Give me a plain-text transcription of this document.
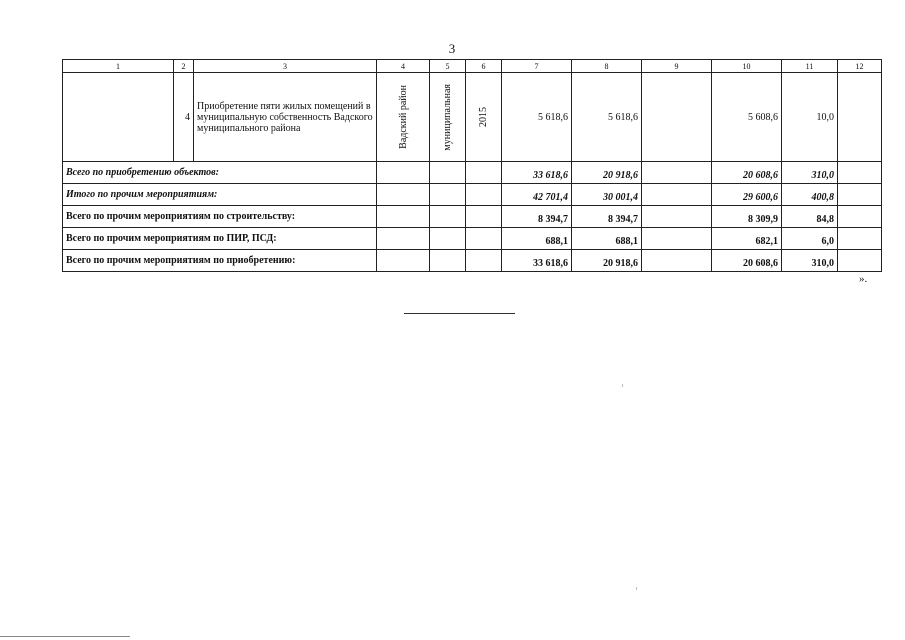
3
1	2	3	4	5	6	7	8	9	10	11	12
	4	Приобретение пяти жилых помещений в муниципальную собственность Вадского муниципального района	Вадский район	муниципальная	2015	5 618,6	5 618,6		5 608,6	10,0	
Всего по приобретению объектов:						33 618,6	20 918,6		20 608,6	310,0	
Итого по прочим мероприятиям:						42 701,4	30 001,4		29 600,6	400,8	
Всего по прочим мероприятиям по строительству:						8 394,7	8 394,7		8 309,9	84,8	
Всего по прочим мероприятиям по ПИР, ПСД:						688,1	688,1		682,1	6,0	
Всего по прочим мероприятиям по приобретению:						33 618,6	20 918,6		20 608,6	310,0	
».
